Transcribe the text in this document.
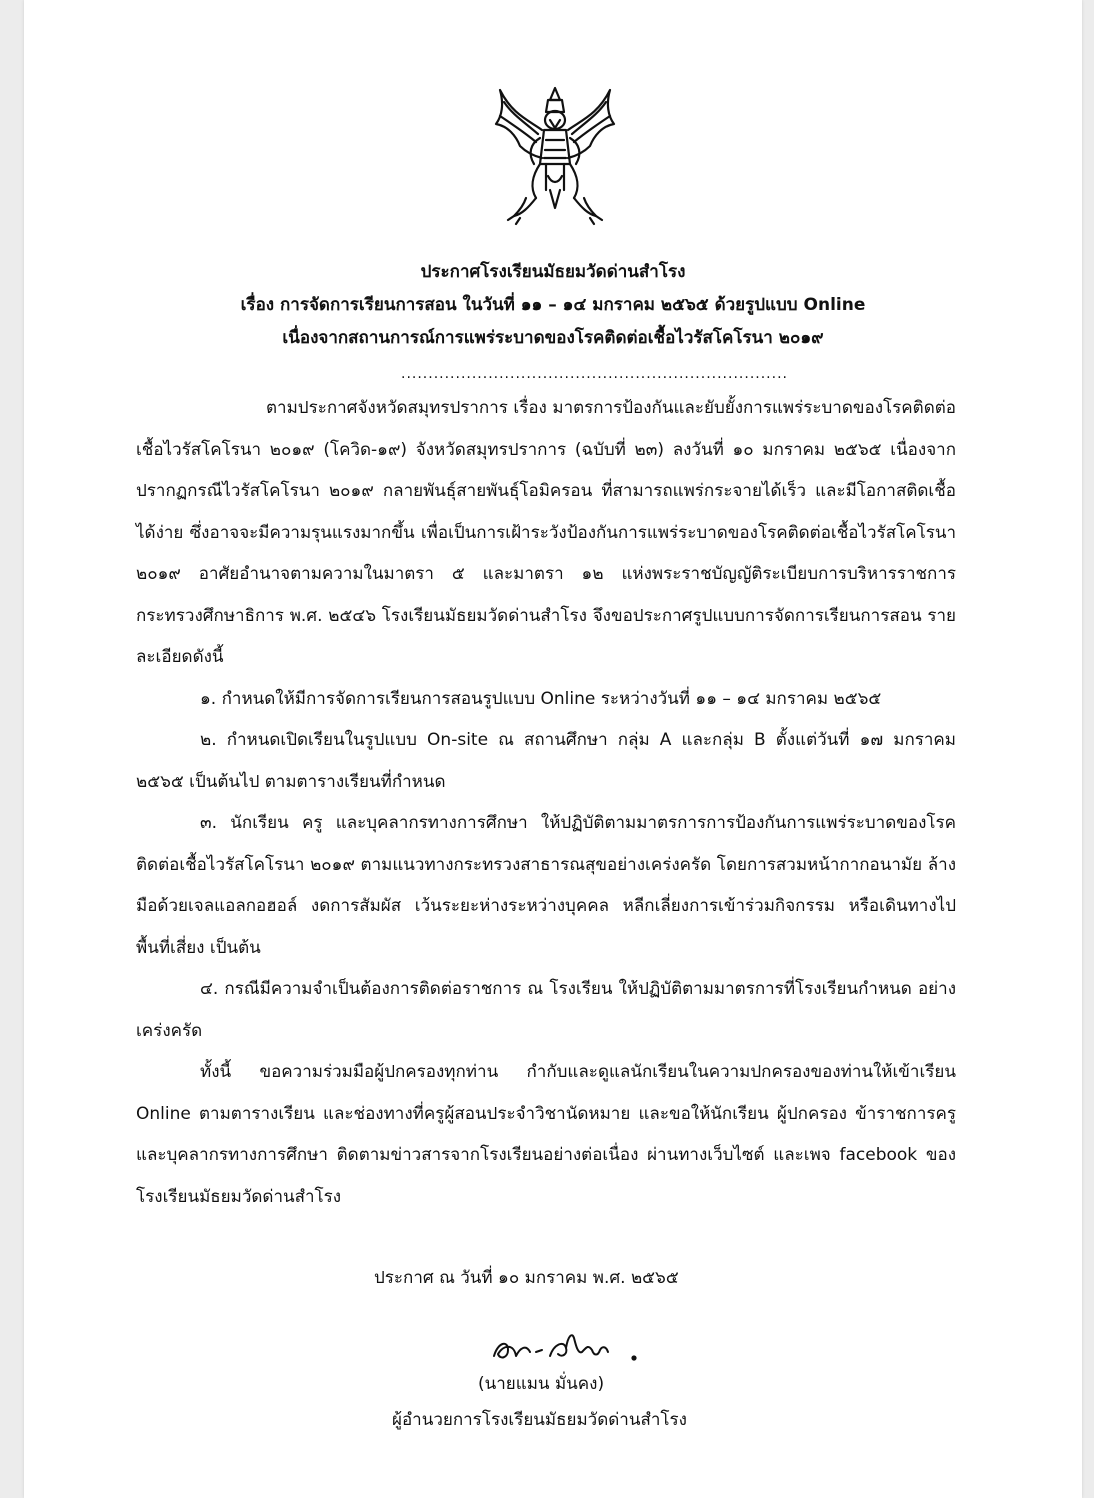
ประกาศโรงเรียนมัธยมวัดด่านสำโรง
เรื่อง การจัดการเรียนการสอน ในวันที่ ๑๑ – ๑๔ มกราคม ๒๕๖๕ ด้วยรูปแบบ Online
เนื่องจากสถานการณ์การแพร่ระบาดของโรคติดต่อเชื้อไวรัสโคโรนา ๒๐๑๙
.......................................................................

ตามประกาศจังหวัดสมุทรปราการ เรื่อง มาตรการป้องกันและยับยั้งการแพร่ระบาดของโรคติดต่อเชื้อไวรัสโคโรนา ๒๐๑๙ (โควิด-๑๙) จังหวัดสมุทรปราการ (ฉบับที่ ๒๓) ลงวันที่ ๑๐ มกราคม ๒๕๖๕ เนื่องจากปรากฏกรณีไวรัสโคโรนา ๒๐๑๙ กลายพันธุ์สายพันธุ์โอมิครอน ที่สามารถแพร่กระจายได้เร็ว และมีโอกาสติดเชื้อได้ง่าย ซึ่งอาจจะมีความรุนแรงมากขึ้น เพื่อเป็นการเฝ้าระวังป้องกันการแพร่ระบาดของโรคติดต่อเชื้อไวรัสโคโรนา ๒๐๑๙ อาศัยอำนาจตามความในมาตรา ๕ และมาตรา ๑๒ แห่งพระราชบัญญัติระเบียบการบริหารราชการ กระทรวงศึกษาธิการ พ.ศ. ๒๕๔๖ โรงเรียนมัธยมวัดด่านสำโรง จึงขอประกาศรูปแบบการจัดการเรียนการสอน รายละเอียดดังนี้

๑. กำหนดให้มีการจัดการเรียนการสอนรูปแบบ Online ระหว่างวันที่ ๑๑ – ๑๔ มกราคม ๒๕๖๕

๒. กำหนดเปิดเรียนในรูปแบบ On-site ณ สถานศึกษา กลุ่ม A และกลุ่ม B ตั้งแต่วันที่ ๑๗ มกราคม ๒๕๖๕ เป็นต้นไป ตามตารางเรียนที่กำหนด

๓. นักเรียน ครู และบุคลากรทางการศึกษา ให้ปฏิบัติตามมาตรการการป้องกันการแพร่ระบาดของโรคติดต่อเชื้อไวรัสโคโรนา ๒๐๑๙ ตามแนวทางกระทรวงสาธารณสุขอย่างเคร่งครัด โดยการสวมหน้ากากอนามัย ล้างมือด้วยเจลแอลกอฮอล์ งดการสัมผัส เว้นระยะห่างระหว่างบุคคล หลีกเลี่ยงการเข้าร่วมกิจกรรม หรือเดินทางไปพื้นที่เสี่ยง เป็นต้น

๔. กรณีมีความจำเป็นต้องการติดต่อราชการ ณ โรงเรียน ให้ปฏิบัติตามมาตรการที่โรงเรียนกำหนด อย่างเคร่งครัด

ทั้งนี้ ขอความร่วมมือผู้ปกครองทุกท่าน กำกับและดูแลนักเรียนในความปกครองของท่านให้เข้าเรียน Online ตามตารางเรียน และช่องทางที่ครูผู้สอนประจำวิชานัดหมาย และขอให้นักเรียน ผู้ปกครอง ข้าราชการครู และบุคลากรทางการศึกษา ติดตามข่าวสารจากโรงเรียนอย่างต่อเนื่อง ผ่านทางเว็บไซต์ และเพจ facebook ของโรงเรียนมัธยมวัดด่านสำโรง

ประกาศ ณ วันที่ ๑๐ มกราคม พ.ศ. ๒๕๖๕
(นายแมน มั่นคง)
ผู้อำนวยการโรงเรียนมัธยมวัดด่านสำโรง
